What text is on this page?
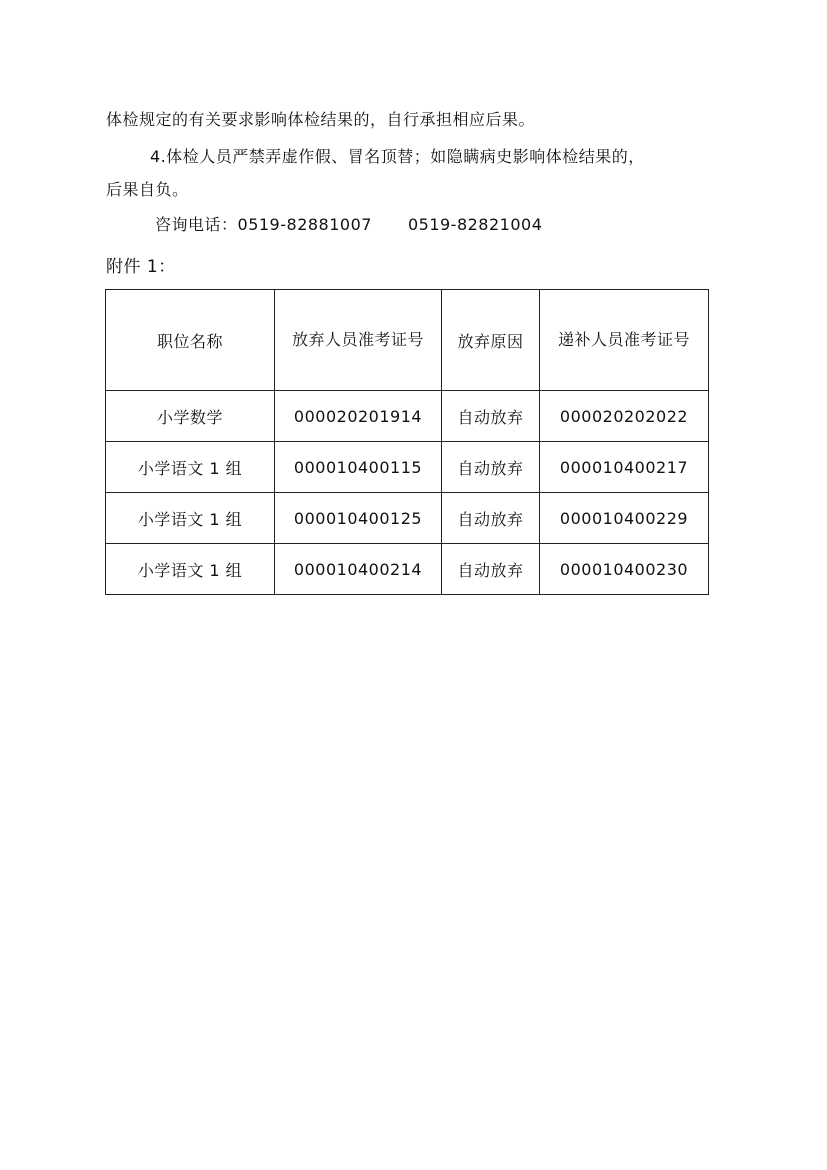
体检规定的有关要求影响体检结果的，自行承担相应后果。
4.体检人员严禁弄虚作假、冒名顶替；如隐瞒病史影响体检结果的，
后果自负。
咨询电话：0519-82881007 0519-82821004
附件 1：
职位名称	放弃人员准考证号	放弃原因	递补人员准考证号
小学数学	000020201914	自动放弃	000020202022
小学语文 1 组	000010400115	自动放弃	000010400217
小学语文 1 组	000010400125	自动放弃	000010400229
小学语文 1 组	000010400214	自动放弃	000010400230
